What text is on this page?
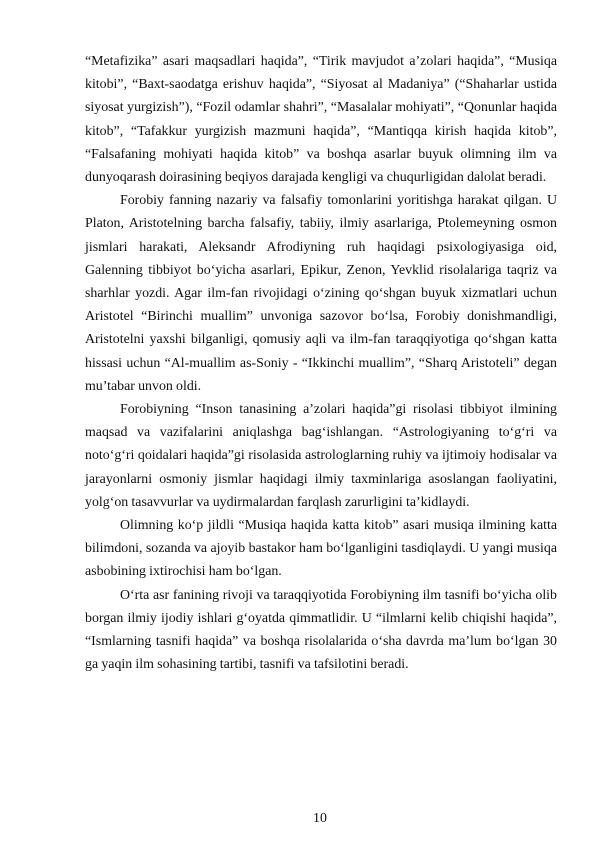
“Metafizika” asari maqsadlari haqida”, “Tirik mavjudot a’zolari haqida”, “Musiqa kitobi”, “Baxt-saodatga erishuv haqida”, “Siyosat al Madaniya” (“Shaharlar ustida siyosat yurgizish”), “Fozil odamlar shahri”, “Masalalar mohiyati”, “Qonunlar haqida kitob”, “Tafakkur yurgizish mazmuni haqida”, “Mantiqqa kirish haqida kitob”, “Falsafaning mohiyati haqida kitob” va boshqa asarlar buyuk olimning ilm va dunyoqarash doirasining beqiyos darajada kengligi va chuqurligidan dalolat beradi.

Forobiy fanning nazariy va falsafiy tomonlarini yoritishga harakat qilgan. U Platon, Aristotelning barcha falsafiy, tabiiy, ilmiy asarlariga, Ptolemeyning osmon jismlari harakati, Aleksandr Afrodiyning ruh haqidagi psixologiyasiga oid, Galenning tibbiyot bo‘yicha asarlari, Epikur, Zenon, Yevklid risolalariga taqriz va sharhlar yozdi. Agar ilm-fan rivojidagi o‘zining qo‘shgan buyuk xizmatlari uchun Aristotel “Birinchi muallim” unvoniga sazovor bo‘lsa, Forobiy donishmandligi, Aristotelni yaxshi bilganligi, qomusiy aqli va ilm-fan taraqqiyotiga qo‘shgan katta hissasi uchun “Al-muallim as-Soniy - “Ikkinchi muallim”, “Sharq Aristoteli” degan mu’tabar unvon oldi.

Forobiyning “Inson tanasining a’zolari haqida”gi risolasi tibbiyot ilmining maqsad va vazifalarini aniqlashga bag‘ishlangan. “Astrologiyaning to‘g‘ri va noto‘g‘ri qoidalari haqida”gi risolasida astrologlarning ruhiy va ijtimoiy hodisalar va jarayonlarni osmoniy jismlar haqidagi ilmiy taxminlariga asoslangan faoliyatini, yolg‘on tasavvurlar va uydirmalardan farqlash zarurligini ta’kidlaydi.

Olimning ko‘p jildli “Musiqa haqida katta kitob” asari musiqa ilmining katta bilimdoni, sozanda va ajoyib bastakor ham bo‘lganligini tasdiqlaydi. U yangi musiqa asbobining ixtirochisi ham bo‘lgan.

O‘rta asr fanining rivoji va taraqqiyotida Forobiyning ilm tasnifi bo‘yicha olib borgan ilmiy ijodiy ishlari g‘oyatda qimmatlidir. U “ilmlarni kelib chiqishi haqida”, “Ismlarning tasnifi haqida” va boshqa risolalarida o‘sha davrda ma’lum bo‘lgan 30 ga yaqin ilm sohasining tartibi, tasnifi va tafsilotini beradi.

10
